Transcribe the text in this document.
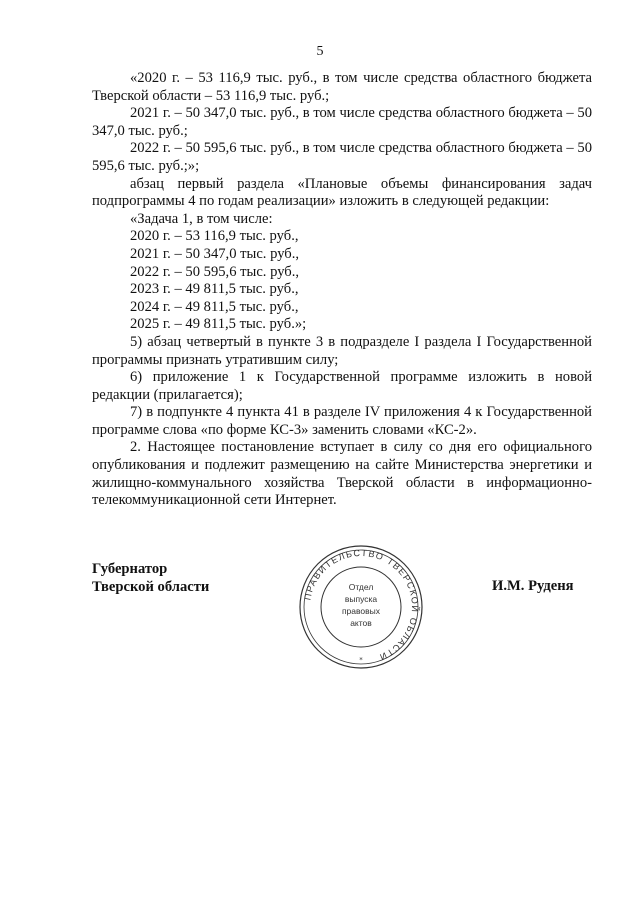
5

«2020 г. – 53 116,9 тыс. руб., в том числе средства областного бюджета Тверской области – 53 116,9 тыс. руб.;

2021 г. – 50 347,0 тыс. руб., в том числе средства областного бюджета – 50 347,0 тыс. руб.;

2022 г. – 50 595,6 тыс. руб., в том числе средства областного бюджета – 50 595,6 тыс. руб.;»;

абзац первый раздела «Плановые объемы финансирования задач подпрограммы 4 по годам реализации» изложить в следующей редакции:

«Задача 1, в том числе:

2020 г. – 53 116,9 тыс. руб.,

2021 г. – 50 347,0 тыс. руб.,

2022 г. – 50 595,6 тыс. руб.,

2023 г. – 49 811,5 тыс. руб.,

2024 г. – 49 811,5 тыс. руб.,

2025 г. – 49 811,5 тыс. руб.»;

5) абзац четвертый в пункте 3 в подразделе I раздела I Государственной программы признать утратившим силу;

6) приложение 1 к Государственной программе изложить в новой редакции (прилагается);

7) в подпункте 4 пункта 41 в разделе IV приложения 4 к Государственной программе слова «по форме КС-3» заменить словами «КС-2».

2. Настоящее постановление вступает в силу со дня его официального опубликования и подлежит размещению на сайте Министерства энергетики и жилищно-коммунального хозяйства Тверской области в информационно-телекоммуникационной сети Интернет.

Губернатор
Тверской области	И.М. Руденя
ПРАВИТЕЛЬСТВО ТВЕРСКОЙ ОБЛАСТИ
*
Отдел
выпуска
правовых
актов
